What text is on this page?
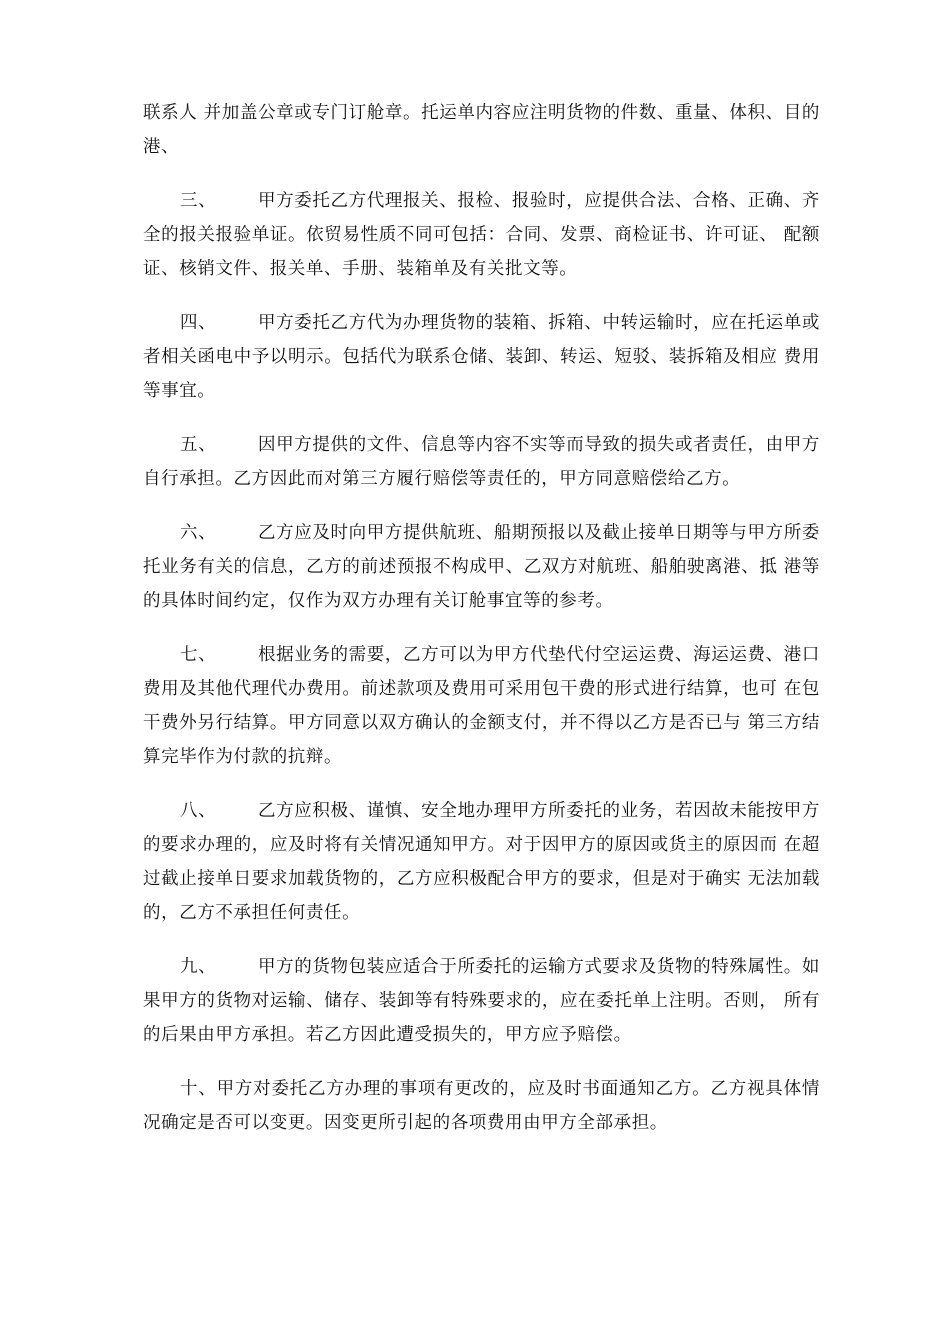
联系人 并加盖公章或专门订舱章。托运单内容应注明货物的件数、重量、体积、目的港、

三、 甲方委托乙方代理报关、报检、报验时，应提供合法、合格、正确、齐 全的报关报验单证。依贸易性质不同可包括：合同、发票、商检证书、许可证、 配额证、核销文件、报关单、手册、装箱单及有关批文等。

四、 甲方委托乙方代为办理货物的装箱、拆箱、中转运输时，应在托运单或 者相关函电中予以明示。包括代为联系仓储、装卸、转运、短驳、装拆箱及相应 费用等事宜。

五、 因甲方提供的文件、信息等内容不实等而导致的损失或者责任，由甲方 自行承担。乙方因此而对第三方履行赔偿等责任的，甲方同意赔偿给乙方。

六、 乙方应及时向甲方提供航班、船期预报以及截止接单日期等与甲方所委 托业务有关的信息，乙方的前述预报不构成甲、乙双方对航班、船舶驶离港、抵 港等的具体时间约定，仅作为双方办理有关订舱事宜等的参考。

七、 根据业务的需要，乙方可以为甲方代垫代付空运运费、海运运费、港口 费用及其他代理代办费用。前述款项及费用可采用包干费的形式进行结算，也可 在包干费外另行结算。甲方同意以双方确认的金额支付，并不得以乙方是否已与 第三方结算完毕作为付款的抗辩。

八、 乙方应积极、谨慎、安全地办理甲方所委托的业务，若因故未能按甲方 的要求办理的，应及时将有关情况通知甲方。对于因甲方的原因或货主的原因而 在超过截止接单日要求加载货物的，乙方应积极配合甲方的要求，但是对于确实 无法加载的，乙方不承担任何责任。

九、 甲方的货物包装应适合于所委托的运输方式要求及货物的特殊属性。如 果甲方的货物对运输、储存、装卸等有特殊要求的，应在委托单上注明。否则， 所有的后果由甲方承担。若乙方因此遭受损失的，甲方应予赔偿。

十、甲方对委托乙方办理的事项有更改的，应及时书面通知乙方。乙方视具体情况确定是否可以变更。因变更所引起的各项费用由甲方全部承担。
